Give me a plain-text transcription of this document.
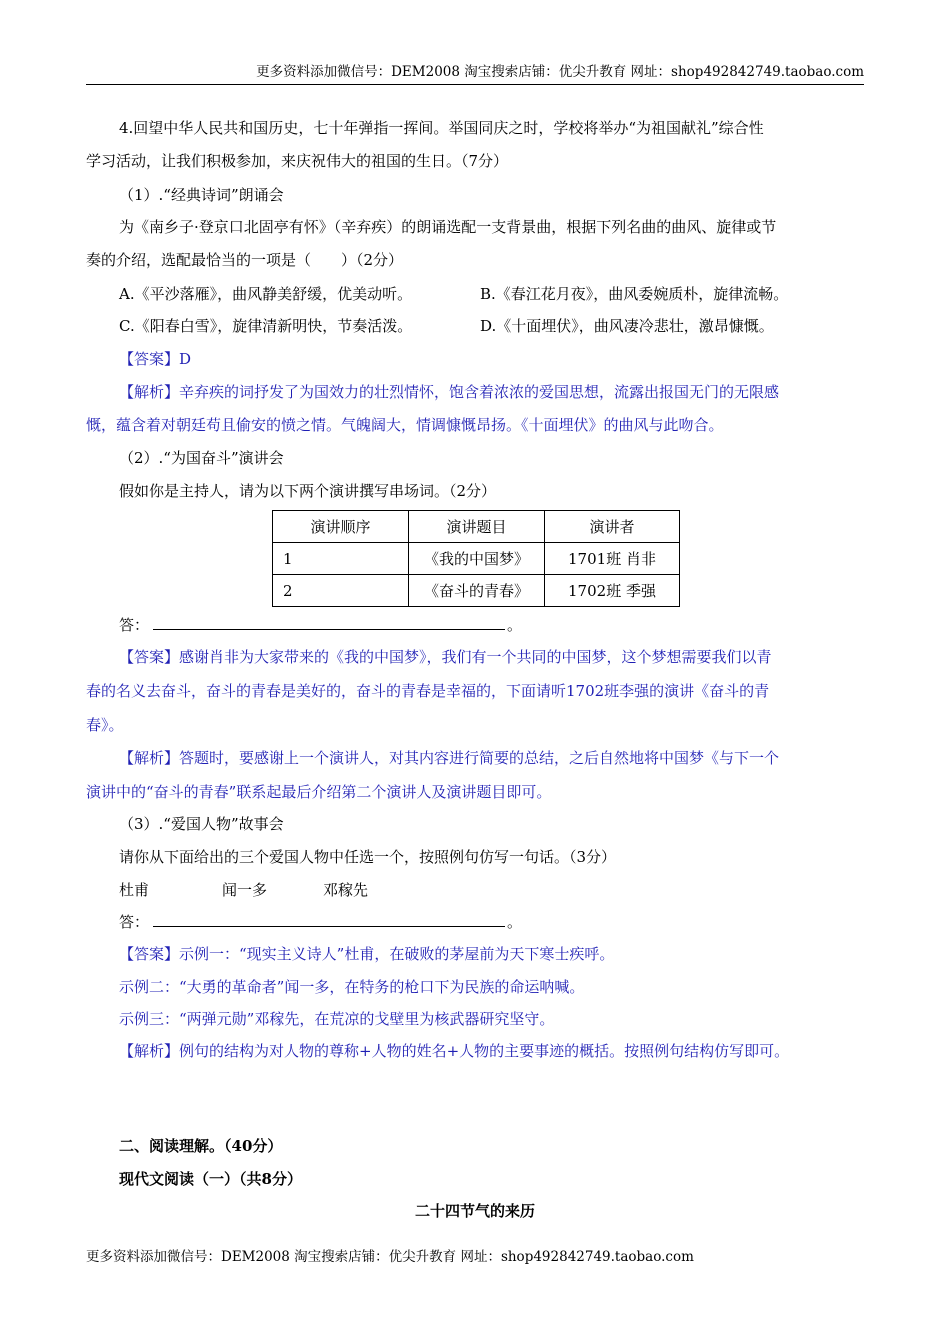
更多资料添加微信号：DEM2008 淘宝搜索店铺：优尖升教育 网址：shop492842749.taobao.com
4.回望中华人民共和国历史，七十年弹指一挥间。举国同庆之时，学校将举办“为祖国献礼”综合性
学习活动，让我们积极参加，来庆祝伟大的祖国的生日。（7分）
（1）.“经典诗词”朗诵会
为《南乡子·登京口北固亭有怀》（辛弃疾）的朗诵选配一支背景曲，根据下列名曲的曲风、旋律或节
奏的介绍，选配最恰当的一项是（　　）（2分）
A.《平沙落雁》，曲风静美舒缓，优美动听。	B.《春江花月夜》，曲风委婉质朴，旋律流畅。
C.《阳春白雪》，旋律清新明快，节奏活泼。	D.《十面埋伏》，曲风凄冷悲壮，激昂慷慨。
【答案】D
【解析】辛弃疾的词抒发了为国效力的壮烈情怀，饱含着浓浓的爱国思想，流露出报国无门的无限感
慨，蕴含着对朝廷苟且偷安的愤之情。气魄阔大，情调慷慨昂扬。《十面埋伏》的曲风与此吻合。
（2）.“为国奋斗”演讲会
假如你是主持人，请为以下两个演讲撰写串场词。（2分）
演讲顺序	演讲题目	演讲者
1	《我的中国梦》	1701班 肖非
2	《奋斗的青春》	1702班 季强
答：	。
【答案】感谢肖非为大家带来的《我的中国梦》，我们有一个共同的中国梦，这个梦想需要我们以青
春的名义去奋斗，奋斗的青春是美好的，奋斗的青春是幸福的，下面请听1702班李强的演讲《奋斗的青
春》。
【解析】答题时，要感谢上一个演讲人，对其内容进行简要的总结，之后自然地将中国梦《与下一个
演讲中的“奋斗的青春”联系起最后介绍第二个演讲人及演讲题目即可。
（3）.“爱国人物”故事会
请你从下面给出的三个爱国人物中任选一个，按照例句仿写一句话。（3分）
杜甫	闻一多	邓稼先
答：	。
【答案】示例一：“现实主义诗人”杜甫，在破败的茅屋前为天下寒士疾呼。
示例二：“大勇的革命者”闻一多，在特务的枪口下为民族的命运呐喊。
示例三：“两弹元勋”邓稼先，在荒凉的戈壁里为核武器研究坚守。
【解析】例句的结构为对人物的尊称+人物的姓名+人物的主要事迹的概括。按照例句结构仿写即可。
二、阅读理解。（40分）
现代文阅读（一）（共8分）
二十四节气的来历
更多资料添加微信号：DEM2008 淘宝搜索店铺：优尖升教育 网址：shop492842749.taobao.com
